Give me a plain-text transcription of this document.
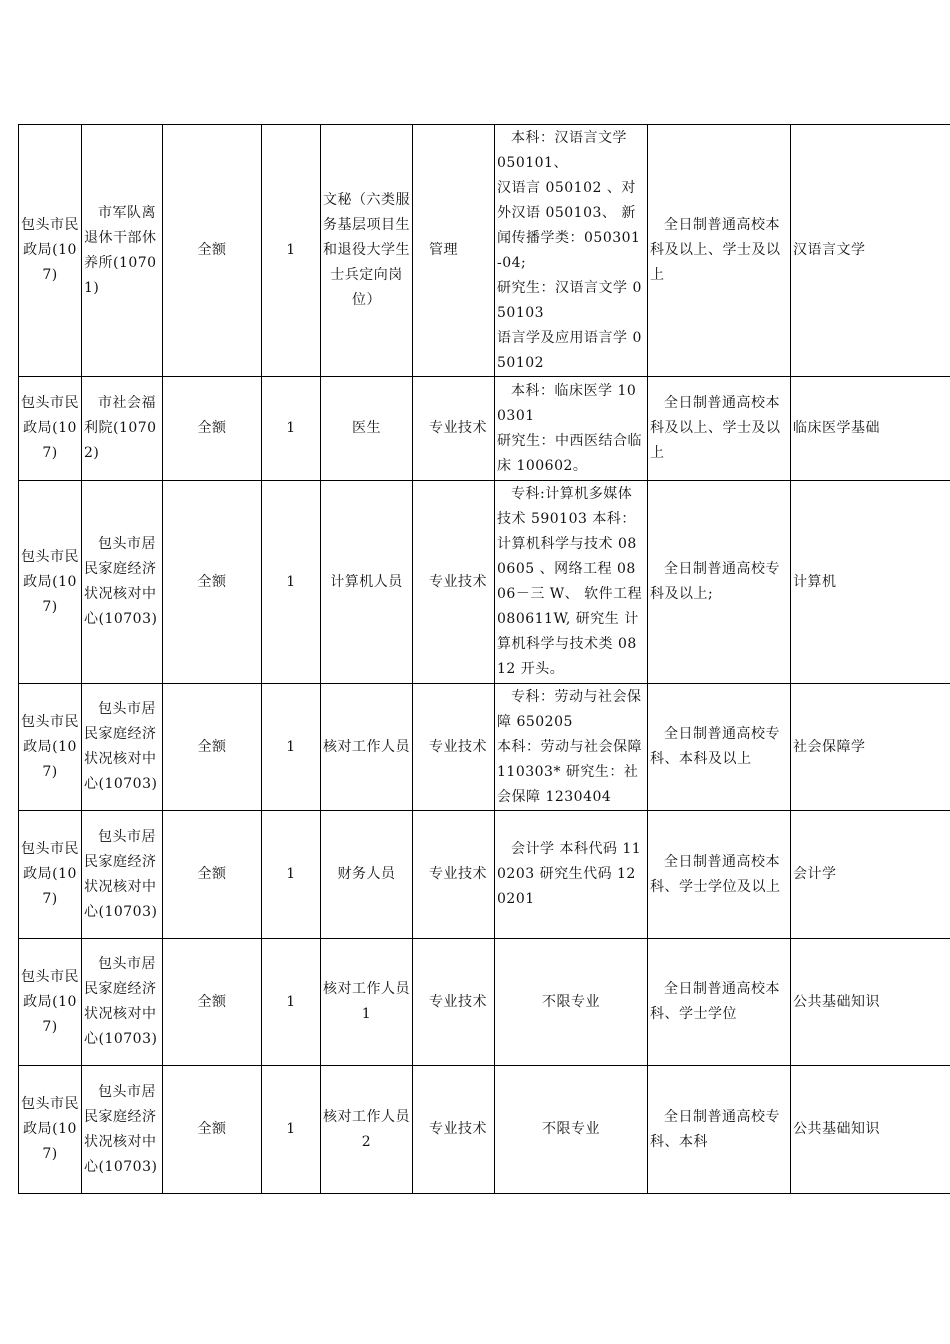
包头市民政局(107)	市军队离退休干部休养所(10701)	全额	1	文秘（六类服务基层项目生和退役大学生士兵定向岗位）	管理	本科：汉语言文学
050101、
汉语言 050102 、对外汉语 050103、 新闻传播学类：050301-04;
研究生：汉语言文学 050103
语言学及应用语言学 050102	全日制普通高校本科及以上、学士及以上	汉语言文学
包头市民政局(107)	市社会福利院(10702)	全额	1	医生	专业技术	本科：临床医学 100301
研究生：中西医结合临床 100602。	全日制普通高校本科及以上、学士及以上	临床医学基础
包头市民政局(107)	包头市居民家庭经济状况核对中心(10703)	全额	1	计算机人员	专业技术	专科:计算机多媒体技术 590103 本科：计算机科学与技术 080605 、网络工程 0806－三 W、 软件工程 080611W, 研究生 计算机科学与技术类 0812 开头。	全日制普通高校专科及以上;	计算机
包头市民政局(107)	包头市居民家庭经济状况核对中心(10703)	全额	1	核对工作人员	专业技术	专科：劳动与社会保障 650205
本科：劳动与社会保障 110303* 研究生：社会保障 1230404	全日制普通高校专科、本科及以上	社会保障学
包头市民政局(107)	包头市居民家庭经济状况核对中心(10703)	全额	1	财务人员	专业技术	会计学 本科代码 110203 研究生代码 120201	全日制普通高校本科、学士学位及以上	会计学
包头市民政局(107)	包头市居民家庭经济状况核对中心(10703)	全额	1	核对工作人员 1	专业技术	不限专业	全日制普通高校本科、学士学位	公共基础知识
包头市民政局(107)	包头市居民家庭经济状况核对中心(10703)	全额	1	核对工作人员 2	专业技术	不限专业	全日制普通高校专科、本科	公共基础知识
